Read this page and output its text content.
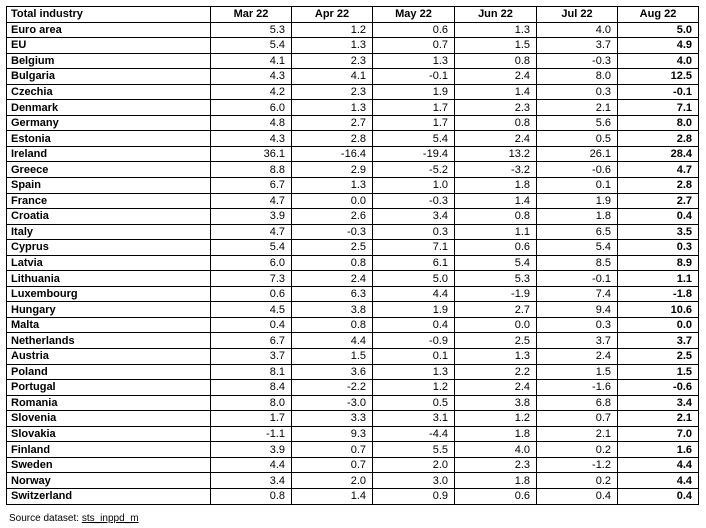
Total industry	Mar 22	Apr 22	May 22	Jun 22	Jul 22	Aug 22
Euro area	5.3	1.2	0.6	1.3	4.0	5.0
EU	5.4	1.3	0.7	1.5	3.7	4.9
Belgium	4.1	2.3	1.3	0.8	-0.3	4.0
Bulgaria	4.3	4.1	-0.1	2.4	8.0	12.5
Czechia	4.2	2.3	1.9	1.4	0.3	-0.1
Denmark	6.0	1.3	1.7	2.3	2.1	7.1
Germany	4.8	2.7	1.7	0.8	5.6	8.0
Estonia	4.3	2.8	5.4	2.4	0.5	2.8
Ireland	36.1	-16.4	-19.4	13.2	26.1	28.4
Greece	8.8	2.9	-5.2	-3.2	-0.6	4.7
Spain	6.7	1.3	1.0	1.8	0.1	2.8
France	4.7	0.0	-0.3	1.4	1.9	2.7
Croatia	3.9	2.6	3.4	0.8	1.8	0.4
Italy	4.7	-0.3	0.3	1.1	6.5	3.5
Cyprus	5.4	2.5	7.1	0.6	5.4	0.3
Latvia	6.0	0.8	6.1	5.4	8.5	8.9
Lithuania	7.3	2.4	5.0	5.3	-0.1	1.1
Luxembourg	0.6	6.3	4.4	-1.9	7.4	-1.8
Hungary	4.5	3.8	1.9	2.7	9.4	10.6
Malta	0.4	0.8	0.4	0.0	0.3	0.0
Netherlands	6.7	4.4	-0.9	2.5	3.7	3.7
Austria	3.7	1.5	0.1	1.3	2.4	2.5
Poland	8.1	3.6	1.3	2.2	1.5	1.5
Portugal	8.4	-2.2	1.2	2.4	-1.6	-0.6
Romania	8.0	-3.0	0.5	3.8	6.8	3.4
Slovenia	1.7	3.3	3.1	1.2	0.7	2.1
Slovakia	-1.1	9.3	-4.4	1.8	2.1	7.0
Finland	3.9	0.7	5.5	4.0	0.2	1.6
Sweden	4.4	0.7	2.0	2.3	-1.2	4.4
Norway	3.4	2.0	3.0	1.8	0.2	4.4
Switzerland	0.8	1.4	0.9	0.6	0.4	0.4
Source dataset: sts_inppd_m
